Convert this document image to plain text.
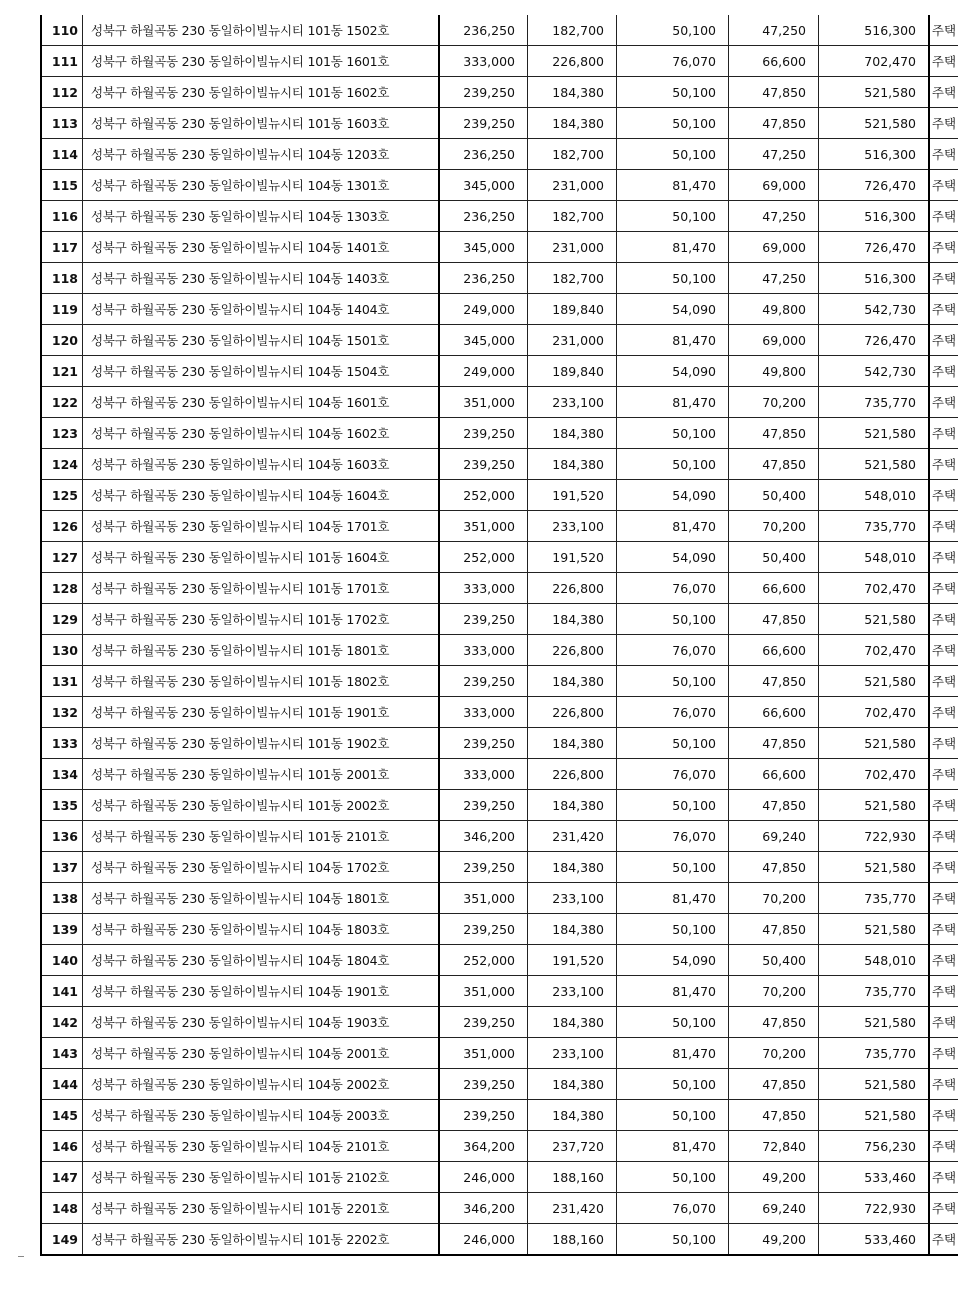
110	성북구 하월곡동 230 동일하이빌뉴시티 101동 1502호	236,250	182,700	50,100	47,250	516,300	주택
111	성북구 하월곡동 230 동일하이빌뉴시티 101동 1601호	333,000	226,800	76,070	66,600	702,470	주택
112	성북구 하월곡동 230 동일하이빌뉴시티 101동 1602호	239,250	184,380	50,100	47,850	521,580	주택
113	성북구 하월곡동 230 동일하이빌뉴시티 101동 1603호	239,250	184,380	50,100	47,850	521,580	주택
114	성북구 하월곡동 230 동일하이빌뉴시티 104동 1203호	236,250	182,700	50,100	47,250	516,300	주택
115	성북구 하월곡동 230 동일하이빌뉴시티 104동 1301호	345,000	231,000	81,470	69,000	726,470	주택
116	성북구 하월곡동 230 동일하이빌뉴시티 104동 1303호	236,250	182,700	50,100	47,250	516,300	주택
117	성북구 하월곡동 230 동일하이빌뉴시티 104동 1401호	345,000	231,000	81,470	69,000	726,470	주택
118	성북구 하월곡동 230 동일하이빌뉴시티 104동 1403호	236,250	182,700	50,100	47,250	516,300	주택
119	성북구 하월곡동 230 동일하이빌뉴시티 104동 1404호	249,000	189,840	54,090	49,800	542,730	주택
120	성북구 하월곡동 230 동일하이빌뉴시티 104동 1501호	345,000	231,000	81,470	69,000	726,470	주택
121	성북구 하월곡동 230 동일하이빌뉴시티 104동 1504호	249,000	189,840	54,090	49,800	542,730	주택
122	성북구 하월곡동 230 동일하이빌뉴시티 104동 1601호	351,000	233,100	81,470	70,200	735,770	주택
123	성북구 하월곡동 230 동일하이빌뉴시티 104동 1602호	239,250	184,380	50,100	47,850	521,580	주택
124	성북구 하월곡동 230 동일하이빌뉴시티 104동 1603호	239,250	184,380	50,100	47,850	521,580	주택
125	성북구 하월곡동 230 동일하이빌뉴시티 104동 1604호	252,000	191,520	54,090	50,400	548,010	주택
126	성북구 하월곡동 230 동일하이빌뉴시티 104동 1701호	351,000	233,100	81,470	70,200	735,770	주택
127	성북구 하월곡동 230 동일하이빌뉴시티 101동 1604호	252,000	191,520	54,090	50,400	548,010	주택
128	성북구 하월곡동 230 동일하이빌뉴시티 101동 1701호	333,000	226,800	76,070	66,600	702,470	주택
129	성북구 하월곡동 230 동일하이빌뉴시티 101동 1702호	239,250	184,380	50,100	47,850	521,580	주택
130	성북구 하월곡동 230 동일하이빌뉴시티 101동 1801호	333,000	226,800	76,070	66,600	702,470	주택
131	성북구 하월곡동 230 동일하이빌뉴시티 101동 1802호	239,250	184,380	50,100	47,850	521,580	주택
132	성북구 하월곡동 230 동일하이빌뉴시티 101동 1901호	333,000	226,800	76,070	66,600	702,470	주택
133	성북구 하월곡동 230 동일하이빌뉴시티 101동 1902호	239,250	184,380	50,100	47,850	521,580	주택
134	성북구 하월곡동 230 동일하이빌뉴시티 101동 2001호	333,000	226,800	76,070	66,600	702,470	주택
135	성북구 하월곡동 230 동일하이빌뉴시티 101동 2002호	239,250	184,380	50,100	47,850	521,580	주택
136	성북구 하월곡동 230 동일하이빌뉴시티 101동 2101호	346,200	231,420	76,070	69,240	722,930	주택
137	성북구 하월곡동 230 동일하이빌뉴시티 104동 1702호	239,250	184,380	50,100	47,850	521,580	주택
138	성북구 하월곡동 230 동일하이빌뉴시티 104동 1801호	351,000	233,100	81,470	70,200	735,770	주택
139	성북구 하월곡동 230 동일하이빌뉴시티 104동 1803호	239,250	184,380	50,100	47,850	521,580	주택
140	성북구 하월곡동 230 동일하이빌뉴시티 104동 1804호	252,000	191,520	54,090	50,400	548,010	주택
141	성북구 하월곡동 230 동일하이빌뉴시티 104동 1901호	351,000	233,100	81,470	70,200	735,770	주택
142	성북구 하월곡동 230 동일하이빌뉴시티 104동 1903호	239,250	184,380	50,100	47,850	521,580	주택
143	성북구 하월곡동 230 동일하이빌뉴시티 104동 2001호	351,000	233,100	81,470	70,200	735,770	주택
144	성북구 하월곡동 230 동일하이빌뉴시티 104동 2002호	239,250	184,380	50,100	47,850	521,580	주택
145	성북구 하월곡동 230 동일하이빌뉴시티 104동 2003호	239,250	184,380	50,100	47,850	521,580	주택
146	성북구 하월곡동 230 동일하이빌뉴시티 104동 2101호	364,200	237,720	81,470	72,840	756,230	주택
147	성북구 하월곡동 230 동일하이빌뉴시티 101동 2102호	246,000	188,160	50,100	49,200	533,460	주택
148	성북구 하월곡동 230 동일하이빌뉴시티 101동 2201호	346,200	231,420	76,070	69,240	722,930	주택
149	성북구 하월곡동 230 동일하이빌뉴시티 101동 2202호	246,000	188,160	50,100	49,200	533,460	주택
